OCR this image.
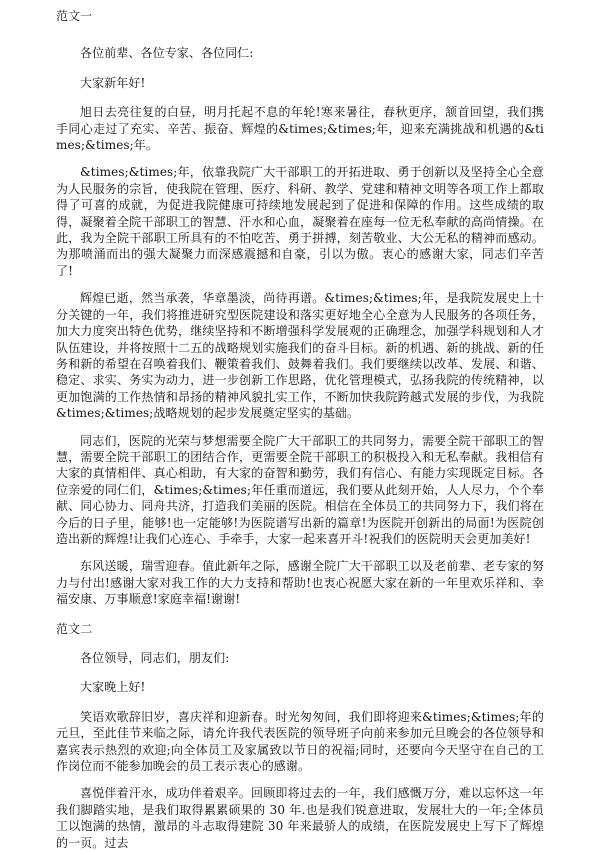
范文一

各位前辈、各位专家、各位同仁:

大家新年好!

旭日去亮往复的白昼，明月托起不息的年轮!寒来暑往，春秋更序，颔首回望，我们携手同心走过了充实、辛苦、振奋、辉煌的&times;&times;年，迎来充满挑战和机遇的&times;&times;年。

&times;&times;年，依靠我院广大干部职工的开拓进取、勇于创新以及坚持全心全意为人民服务的宗旨，使我院在管理、医疗、科研、教学、党建和精神文明等各项工作上都取得了可喜的成就，为促进我院健康可持续地发展起到了促进和保障的作用。这些成绩的取得，凝聚着全院干部职工的智慧、汗水和心血，凝聚着在座每一位无私奉献的高尚情操。在此，我为全院干部职工所具有的不怕吃苦、勇于拼搏，刻苦敬业、大公无私的精神而感动。为那喷涌而出的强大凝聚力而深感震撼和自豪，引以为傲。衷心的感谢大家，同志们辛苦了!

辉煌已逝，然当承袭，华章墨淡，尚待再谱。&times;&times;年，是我院发展史上十分关键的一年，我们将推进研究型医院建设和落实更好地全心全意为人民服务的各项任务，加大力度突出特色优势，继续坚持和不断增强科学发展观的正确理念，加强学科规划和人才队伍建设，并将按照十二五的战略规划实施我们的奋斗目标。新的机遇、新的挑战、新的任务和新的希望在召唤着我们、鞭策着我们、鼓舞着我们。我们要继续以改革、发展、和谐、稳定、求实、务实为动力，进一步创新工作思路，优化管理模式，弘扬我院的传统精神，以更加饱满的工作热情和昂扬的精神风貌扎实工作，不断加快我院跨越式发展的步伐，为我院&times;&times;战略规划的起步发展奠定坚实的基础。

同志们，医院的光荣与梦想需要全院广大干部职工的共同努力，需要全院干部职工的智慧，需要全院干部职工的团结合作，更需要全院干部职工的积极投入和无私奉献。我相信有大家的真情相伴、真心相助，有大家的奋智和勤劳，我们有信心、有能力实现既定目标。各位亲爱的同仁们，&times;&times;年任重而道远，我们要从此刻开始，人人尽力，个个奉献、同心协力、同舟共济，打造我们美丽的医院。相信在全体员工的共同努力下，我们将在今后的日子里，能够!也一定能够!为医院谱写出新的篇章!为医院开创新出的局面!为医院创造出新的辉煌!让我们心连心、手牵手，大家一起来喜开斗!祝我们的医院明天会更加美好!

东风送暖，瑞雪迎春。值此新年之际，感谢全院广大干部职工以及老前辈、老专家的努力与付出!感谢大家对我工作的大力支持和帮助!也衷心祝愿大家在新的一年里欢乐祥和、幸福安康、万事顺意!家庭幸福!谢谢!

范文二

各位领导，同志们，朋友们:

大家晚上好!

笑语欢歌辞旧岁，喜庆祥和迎新春。时光匆匆间，我们即将迎来&times;&times;年的元旦，至此佳节来临之际，请允许我代表医院的领导班子向前来参加元旦晚会的各位领导和嘉宾表示热烈的欢迎;向全体员工及家属致以节日的祝福;同时，还要向今天坚守在自己的工作岗位而不能参加晚会的员工表示衷心的感谢。

喜悦伴着汗水，成功伴着艰辛。回顾即将过去的一年，我们感慨万分，难以忘怀这一年我们脚踏实地，是我们取得累累硕果的 30 年.也是我们锐意进取，发展壮大的一年;全体员工以饱满的热情，激昂的斗志取得建院 30 年来最骄人的成绩，在医院发展史上写下了辉煌的一页。过去
